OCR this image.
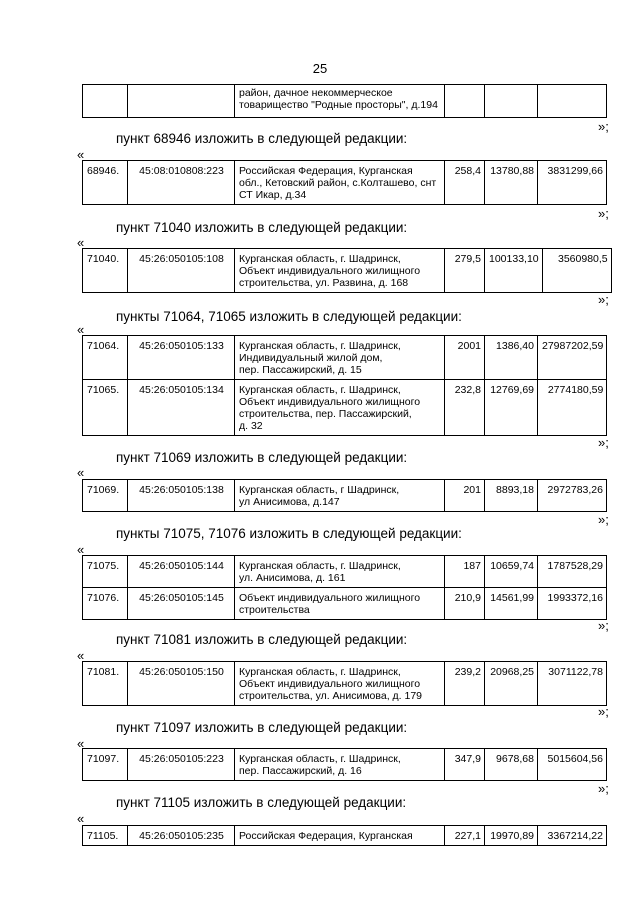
25

район, дачное некоммерческое
товарищество "Родные просторы", д.194

»;
пункт 68946 изложить в следующей редакции:
«
68946.	45:08:010808:223	Российская Федерация, Курганская
обл., Кетовский район, с.Колташево, снт
СТ Икар, д.34
	258,4	13780,88	3831299,66
»;
пункт 71040 изложить в следующей редакции:
«
71040.	45:26:050105:108	Курганская область, г. Шадринск,
Объект индивидуального жилищного
строительства, ул. Развина, д. 168
	279,5	100133,10	3560980,5
»;
пункты 71064, 71065 изложить в следующей редакции:
«
71064.	45:26:050105:133	Курганская область, г. Шадринск,
Индивидуальный жилой дом,
пер. Пассажирский, д. 15	2001	1386,40	27987202,59
71065.	45:26:050105:134	Курганская область, г. Шадринск,
Объект индивидуального жилищного
строительства, пер. Пассажирский,
д. 32	232,8	12769,69	2774180,59
»;
пункт 71069 изложить в следующей редакции:
«
71069.	45:26:050105:138	Курганская область, г Шадринск,
ул Анисимова, д.147
	201	8893,18	2972783,26
»;
пункты 71075, 71076 изложить в следующей редакции:
«
71075.	45:26:050105:144	Курганская область, г. Шадринск,
ул. Анисимова, д. 161	187	10659,74	1787528,29
71076.	45:26:050105:145	Объект индивидуального жилищного
строительства	210,9	14561,99	1993372,16
»;
пункт 71081 изложить в следующей редакции:
«
71081.	45:26:050105:150	Курганская область, г. Шадринск,
Объект индивидуального жилищного
строительства, ул. Анисимова, д. 179
	239,2	20968,25	3071122,78
»;
пункт 71097 изложить в следующей редакции:
«
71097.	45:26:050105:223	Курганская область, г. Шадринск,
пер. Пассажирский, д. 16
	347,9	9678,68	5015604,56
»;
пункт 71105 изложить в следующей редакции:
«
71105.	45:26:050105:235	Российская Федерация, Курганская	227,1	19970,89	3367214,22
